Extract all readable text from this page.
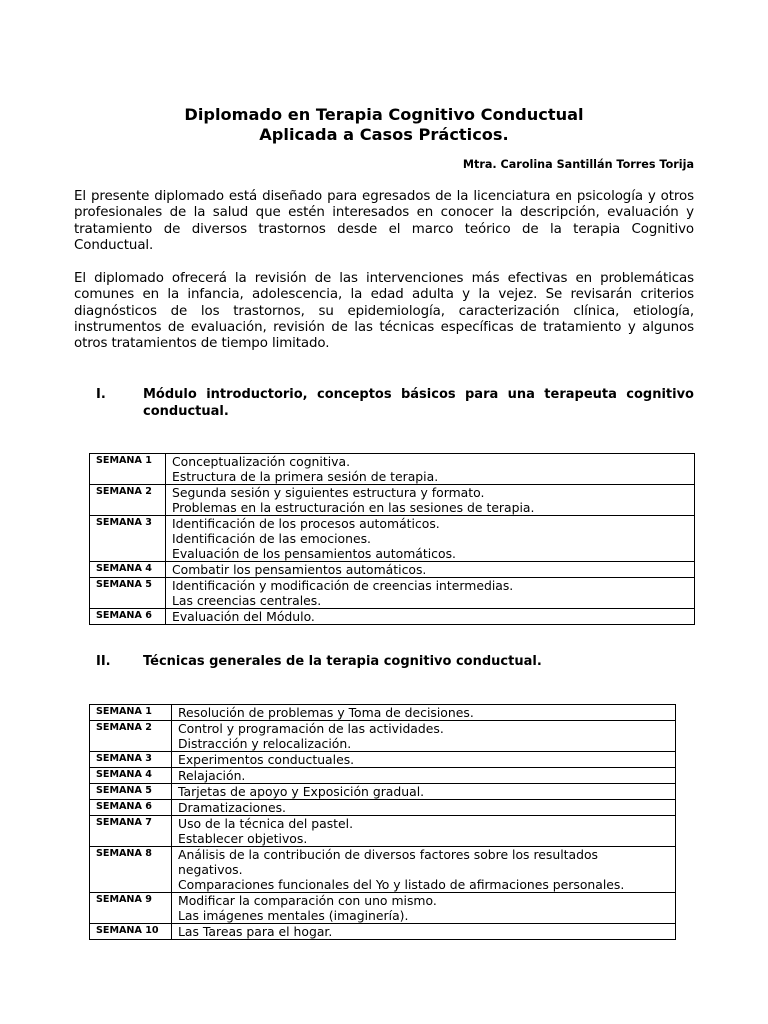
Diplomado en Terapia Cognitivo Conductual
Aplicada a Casos Prácticos.
Mtra. Carolina Santillán Torres Torija

El presente diplomado está diseñado para egresados de la licenciatura en psicología y otros profesionales de la salud que estén interesados en conocer la descripción, evaluación y tratamiento de diversos trastornos desde el marco teórico de la terapia Cognitivo Conductual.

El diplomado ofrecerá la revisión de las intervenciones más efectivas en problemáticas comunes en la infancia, adolescencia, la edad adulta y la vejez. Se revisarán criterios diagnósticos de los trastornos, su epidemiología, caracterización clínica, etiología, instrumentos de evaluación, revisión de las técnicas específicas de tratamiento y algunos otros tratamientos de tiempo limitado.

I.	Módulo introductorio, conceptos básicos para una terapeuta cognitivo conductual.
SEMANA 1	Conceptualización cognitiva.
Estructura de la primera sesión de terapia.

SEMANA 2	Segunda sesión y siguientes estructura y formato.
Problemas en la estructuración en las sesiones de terapia.

SEMANA 3	Identificación de los procesos automáticos.
Identificación de las emociones.
Evaluación de los pensamientos automáticos.

SEMANA 4	Combatir los pensamientos automáticos.

SEMANA 5	Identificación y modificación de creencias intermedias.
Las creencias centrales.

SEMANA 6	Evaluación del Módulo.
II. Técnicas generales de la terapia cognitivo conductual.
SEMANA 1	Resolución de problemas y Toma de decisiones.

SEMANA 2	Control y programación de las actividades.
Distracción y relocalización.

SEMANA 3	Experimentos conductuales.

SEMANA 4	Relajación.

SEMANA 5	Tarjetas de apoyo y Exposición gradual.

SEMANA 6	Dramatizaciones.

SEMANA 7	Uso de la técnica del pastel.
Establecer objetivos.

SEMANA 8	Análisis de la contribución de diversos factores sobre los resultados
negativos.
Comparaciones funcionales del Yo y listado de afirmaciones personales.

SEMANA 9	Modificar la comparación con uno mismo.
Las imágenes mentales (imaginería).

SEMANA 10	Las Tareas para el hogar.
